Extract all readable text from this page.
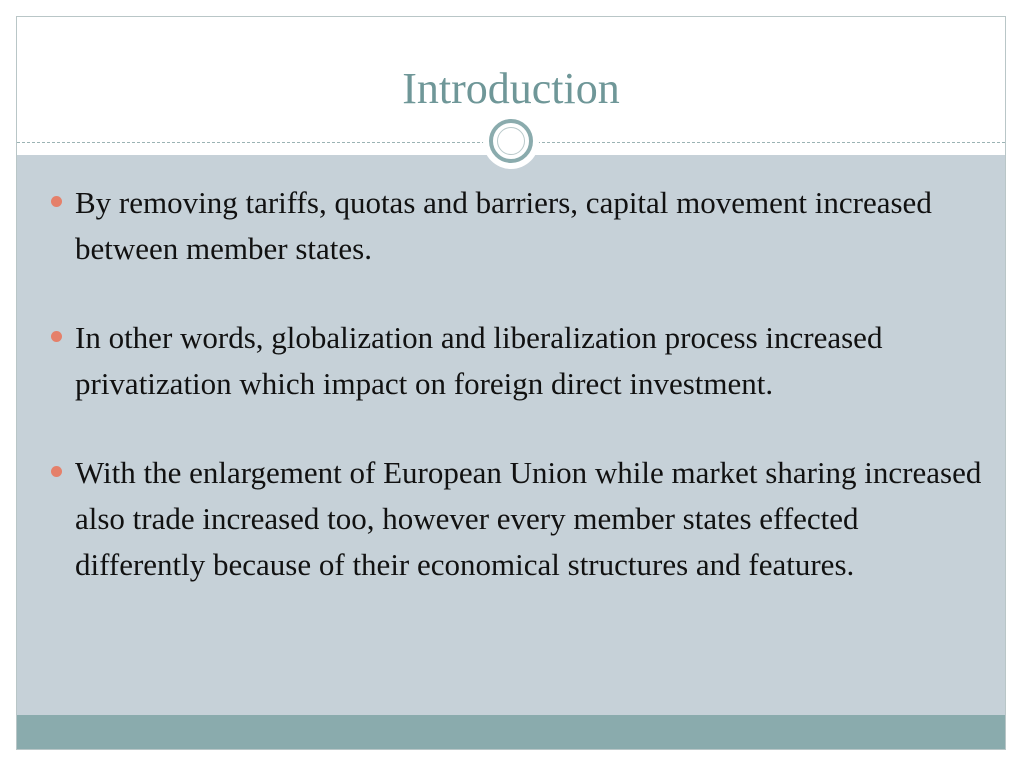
Introduction
By removing tariffs, quotas and barriers, capital movement increased between member states.
In other words, globalization and liberalization process increased privatization which impact on foreign direct investment.
With the enlargement of European Union while market sharing increased also trade increased too, however every member states effected differently because of their economical structures and features.
